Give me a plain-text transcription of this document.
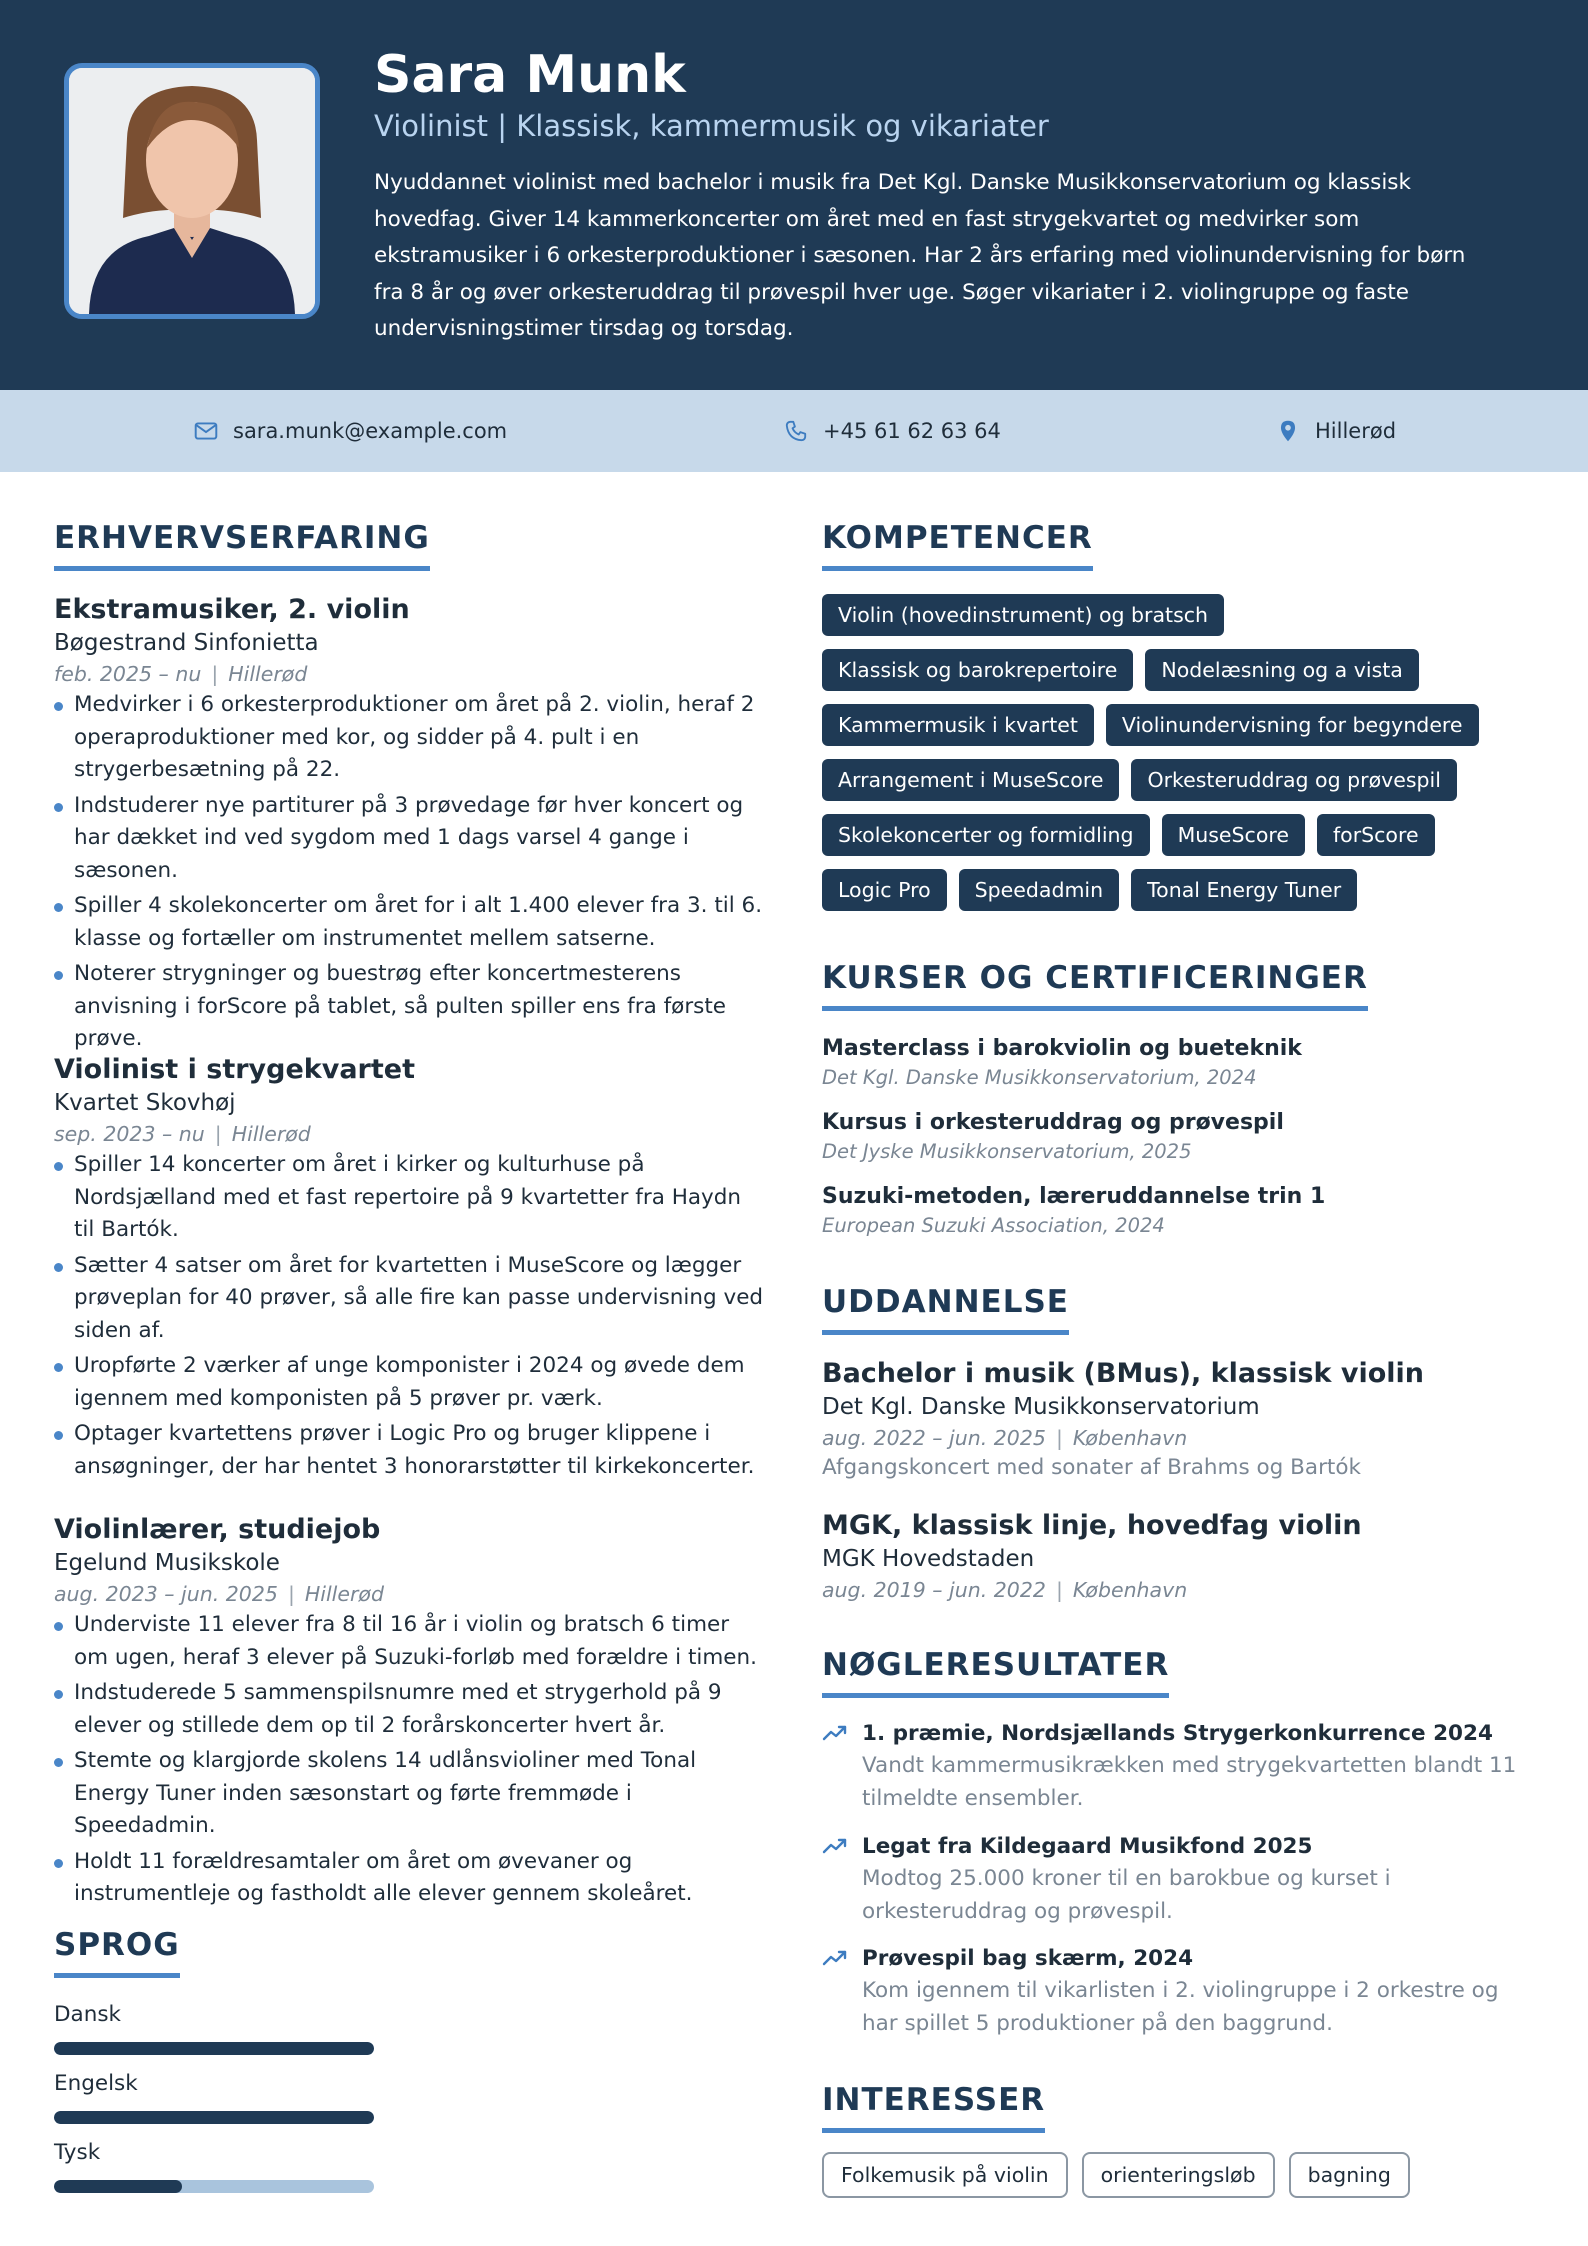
Sara Munk
Violinist | Klassisk, kammermusik og vikariater
Nyuddannet violinist med bachelor i musik fra Det Kgl. Danske Musikkonservatorium og klassisk hovedfag. Giver 14 kammerkoncerter om året med en fast strygekvartet og medvirker som ekstramusiker i 6 orkesterproduktioner i sæsonen. Har 2 års erfaring med violinundervisning for børn fra 8 år og øver orkesteruddrag til prøvespil hver uge. Søger vikariater i 2. violingruppe og faste undervisningstimer tirsdag og torsdag.
sara.munk@example.com	+45 61 62 63 64	Hillerød
ERHVERVSERFARING
Ekstramusiker, 2. violin
Bøgestrand Sinfonietta
feb. 2025 – nu | Hillerød
Medvirker i 6 orkesterproduktioner om året på 2. violin, heraf 2 operaproduktioner med kor, og sidder på 4. pult i en strygerbesætning på 22.
Indstuderer nye partiturer på 3 prøvedage før hver koncert og har dækket ind ved sygdom med 1 dags varsel 4 gange i sæsonen.
Spiller 4 skolekoncerter om året for i alt 1.400 elever fra 3. til 6. klasse og fortæller om instrumentet mellem satserne.
Noterer strygninger og buestrøg efter koncertmesterens anvisning i forScore på tablet, så pulten spiller ens fra første prøve.
Violinist i strygekvartet
Kvartet Skovhøj
sep. 2023 – nu | Hillerød
Spiller 14 koncerter om året i kirker og kulturhuse på Nordsjælland med et fast repertoire på 9 kvartetter fra Haydn til Bartók.
Sætter 4 satser om året for kvartetten i MuseScore og lægger prøveplan for 40 prøver, så alle fire kan passe undervisning ved siden af.
Uropførte 2 værker af unge komponister i 2024 og øvede dem igennem med komponisten på 5 prøver pr. værk.
Optager kvartettens prøver i Logic Pro og bruger klippene i ansøgninger, der har hentet 3 honorarstøtter til kirkekoncerter.
Violinlærer, studiejob
Egelund Musikskole
aug. 2023 – jun. 2025 | Hillerød
Underviste 11 elever fra 8 til 16 år i violin og bratsch 6 timer om ugen, heraf 3 elever på Suzuki-forløb med forældre i timen.
Indstuderede 5 sammenspilsnumre med et strygerhold på 9 elever og stillede dem op til 2 forårskoncerter hvert år.
Stemte og klargjorde skolens 14 udlånsvioliner med Tonal Energy Tuner inden sæsonstart og førte fremmøde i Speedadmin.
Holdt 11 forældresamtaler om året om øvevaner og instrumentleje og fastholdt alle elever gennem skoleåret.
SPROG
Dansk
Engelsk
Tysk
KOMPETENCER
Violin (hovedinstrument) og bratsch
Klassisk og barokrepertoire	Nodelæsning og a vista
Kammermusik i kvartet	Violinundervisning for begyndere
Arrangement i MuseScore	Orkesteruddrag og prøvespil
Skolekoncerter og formidling	MuseScore	forScore
Logic Pro	Speedadmin	Tonal Energy Tuner
KURSER OG CERTIFICERINGER
Masterclass i barokviolin og bueteknik
Det Kgl. Danske Musikkonservatorium, 2024
Kursus i orkesteruddrag og prøvespil
Det Jyske Musikkonservatorium, 2025
Suzuki-metoden, læreruddannelse trin 1
European Suzuki Association, 2024
UDDANNELSE
Bachelor i musik (BMus), klassisk violin
Det Kgl. Danske Musikkonservatorium
aug. 2022 – jun. 2025 | København
Afgangskoncert med sonater af Brahms og Bartók
MGK, klassisk linje, hovedfag violin
MGK Hovedstaden
aug. 2019 – jun. 2022 | København
NØGLERESULTATER
1. præmie, Nordsjællands Strygerkonkurrence 2024
Vandt kammermusikrækken med strygekvartetten blandt 11 tilmeldte ensembler.
Legat fra Kildegaard Musikfond 2025
Modtog 25.000 kroner til en barokbue og kurset i orkesteruddrag og prøvespil.
Prøvespil bag skærm, 2024
Kom igennem til vikarlisten i 2. violingruppe i 2 orkestre og har spillet 5 produktioner på den baggrund.
INTERESSER
Folkemusik på violin	orienteringsløb	bagning
